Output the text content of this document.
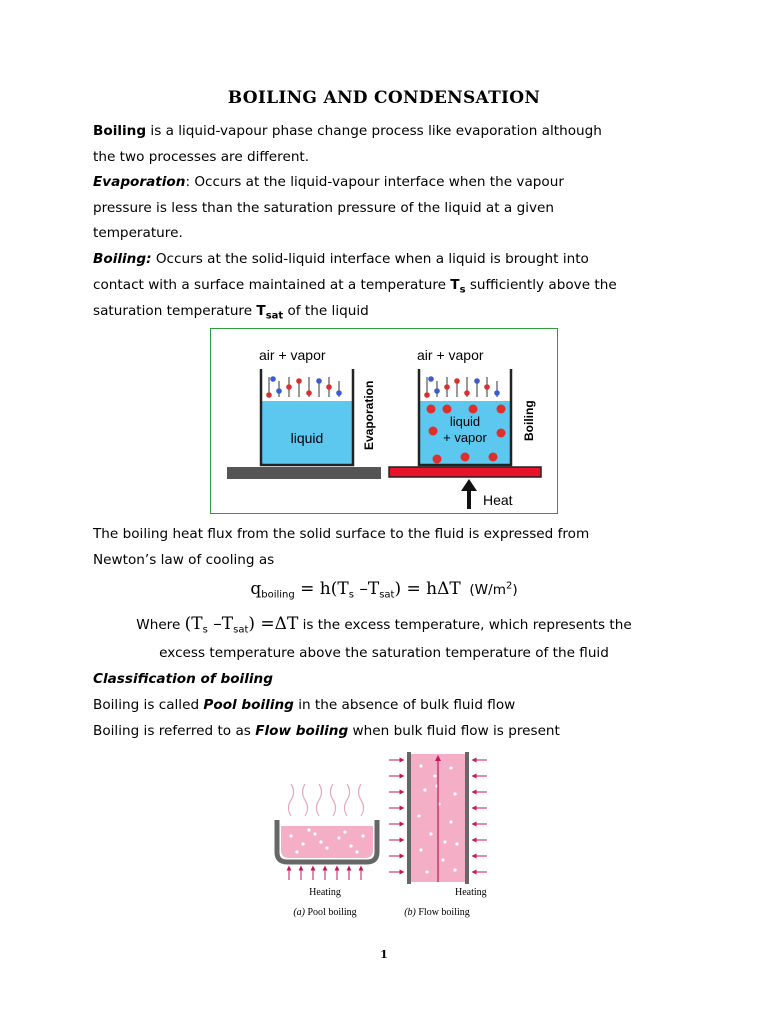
BOILING AND CONDENSATION
Boiling is a liquid-vapour phase change process like evaporation although
the two processes are different.
Evaporation: Occurs at the liquid-vapour interface when the vapour
pressure is less than the saturation pressure of the liquid at a given
temperature.
Boiling: Occurs at the solid-liquid interface when a liquid is brought into
contact with a surface maintained at a temperature $T_s$ sufficiently above the
saturation temperature $T_{sat}$ of the liquid
air + vapor
liquid	Evaporation
air + vapor
liquid
+ vapor	Boiling
Heat
The boiling heat flux from the solid surface to the fluid is expressed from
Newton’s law of cooling as
$q_{boiling} = h(T_s$ $-T_{sat}) = h\Delta T$ $(W/m^2)$
Where ($T_s$ $-T_{sat}) =\Delta T$ is the excess temperature, which represents the
excess temperature above the saturation temperature of the fluid
Classification of boiling
Boiling is called Pool boiling in the absence of bulk fluid flow
Boiling is referred to as Flow boiling when bulk fluid flow is present
Heating
(a) Pool boiling
Heating
(b) Flow boiling
1
